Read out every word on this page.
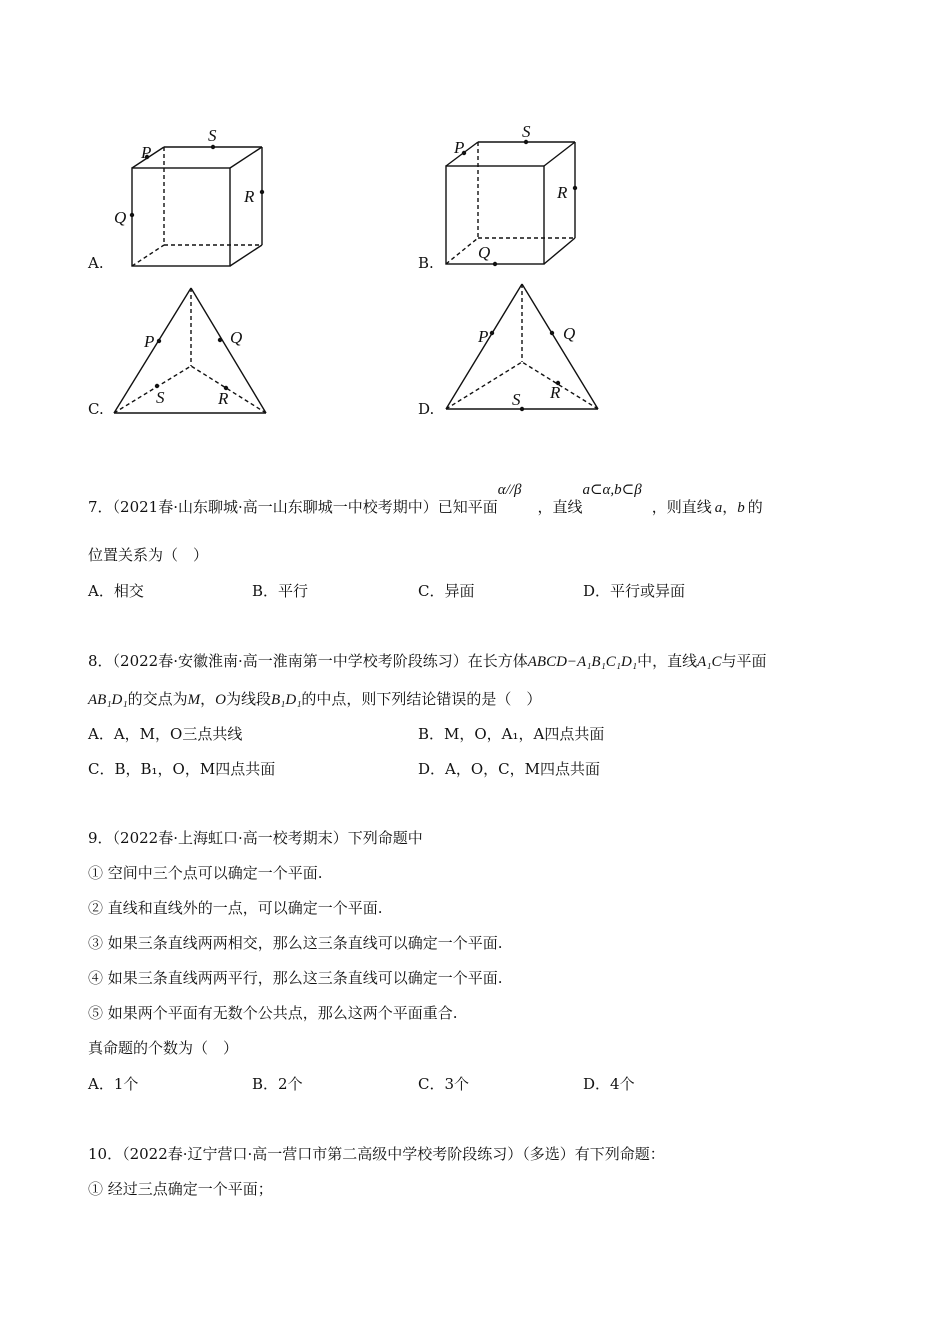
P
S
Q
R
A.
P
S
Q
R
B.
P	Q
S	R
C.
P	Q
S R
D.
7．（2021春·山东聊城·高一山东聊城一中校考期中）已知平面α//β，直线a⊂α,b⊂β，则直线 a，b 的
位置关系为（　）
A．相交	B．平行	C．异面	D．平行或异面
8．（2022春·安徽淮南·高一淮南第一中学校考阶段练习）在长方体ABCD−A₁B₁C₁D₁中，直线A₁C与平面
AB₁D₁的交点为M，O为线段B₁D₁的中点，则下列结论错误的是（　）
A．A，M，O三点共线	B．M，O，A₁，A四点共面
C．B，B₁，O，M四点共面	D．A，O，C，M四点共面
9．（2022春·上海虹口·高一校考期末）下列命题中
① 空间中三个点可以确定一个平面.
② 直线和直线外的一点，可以确定一个平面.
③ 如果三条直线两两相交，那么这三条直线可以确定一个平面.
④ 如果三条直线两两平行，那么这三条直线可以确定一个平面.
⑤ 如果两个平面有无数个公共点，那么这两个平面重合.
真命题的个数为（　）
A．1个	B．2个	C．3个	D．4个
10．（2022春·辽宁营口·高一营口市第二高级中学校考阶段练习）（多选）有下列命题：
① 经过三点确定一个平面；
